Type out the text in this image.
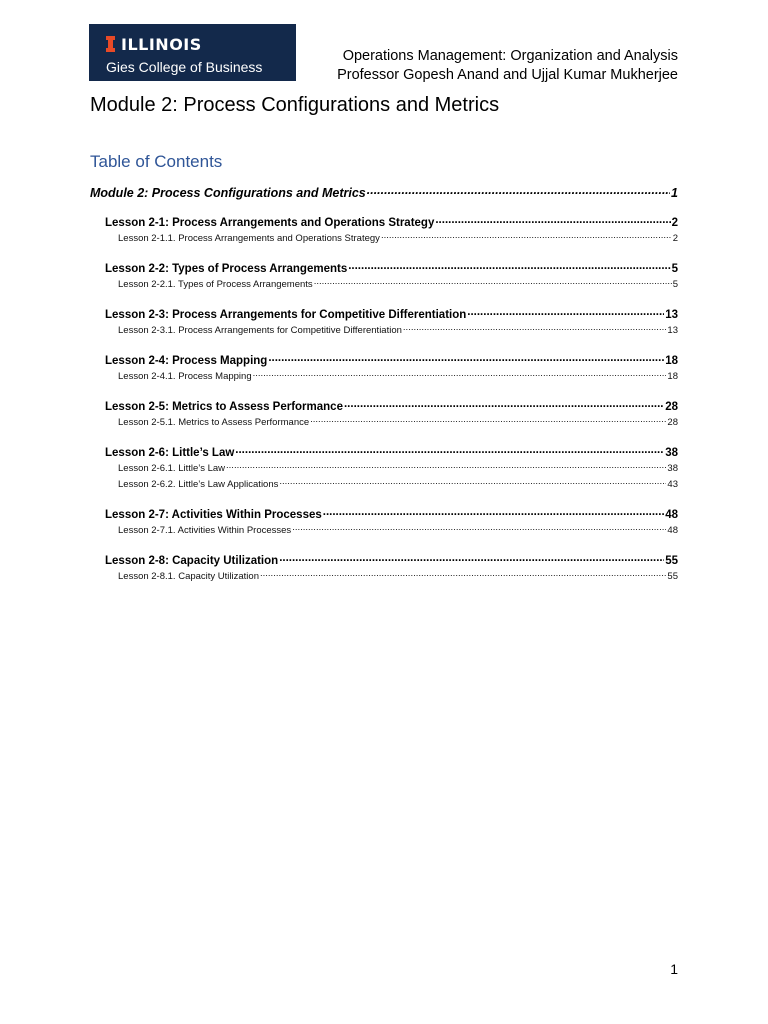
ILLINOIS
Gies College of Business
Operations Management: Organization and Analysis
Professor Gopesh Anand and Ujjal Kumar Mukherjee
Module 2: Process Configurations and Metrics
Table of Contents
Module 2: Process Configurations and Metrics .....	1
Lesson 2-1: Process Arrangements and Operations Strategy .....	2
Lesson 2-1.1. Process Arrangements and Operations Strategy .....	2
Lesson 2-2: Types of Process Arrangements .....	5
Lesson 2-2.1. Types of Process Arrangements .....	5
Lesson 2-3: Process Arrangements for Competitive Differentiation .....	13
Lesson 2-3.1. Process Arrangements for Competitive Differentiation .....	13
Lesson 2-4: Process Mapping .....	18
Lesson 2-4.1. Process Mapping .....	18
Lesson 2-5: Metrics to Assess Performance .....	28
Lesson 2-5.1. Metrics to Assess Performance .....	28
Lesson 2-6: Little’s Law .....	38
Lesson 2-6.1. Little’s Law .....	38
Lesson 2-6.2. Little’s Law Applications .....	43
Lesson 2-7: Activities Within Processes .....	48
Lesson 2-7.1. Activities Within Processes .....	48
Lesson 2-8: Capacity Utilization .....	55
Lesson 2-8.1. Capacity Utilization .....	55
1
